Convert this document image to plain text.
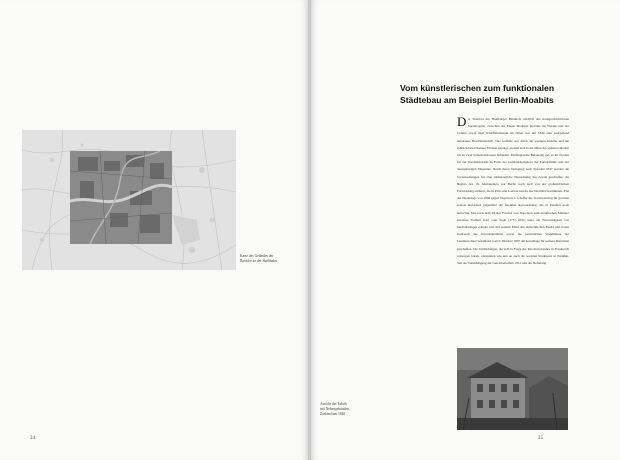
Karte des Geländes der Baracke an der Stadtbahn
24
Vom künstlerischen zum funktionalen Städtebau am Beispiel Berlin-Moabits
D er Standort des Hamburger Bahnhofs nördlich des stadtgeschichtlichen Spreebogens, zwischen der Ebene Moabiter Kolonie im Westen und der Charité sowie dem Schifffahrtskanal im Osten war um 1840 eine weitgehend unbebaute Brachlandschaft. Das Gelände war durch die wenigen Gehöfte und die spärlich bewachsenen Flächen geprägt, an dem sich in der Mitte des späteren Moabit bis zu zwei Schienenstrassen befanden. Umfangreiche Bebauung gab es im Norden bis zur Invalidenstraße in Form der Gebäudekomplexe der Pulvermühle und der dazugehörigen Magazine. Durch deren Verlegung nach Spandau 1847 wurden die Voraussetzungen für eine städtebauliche Neuordnung des Areals geschaffen. Zu Beginn des 19. Jahrhunderts war Berlin noch weit von der großstädtischen Entwicklung entfernt, die in Paris und London bereits das Stadtbild bestimmten. Erst die Niederlage von 1806 gegen Napoleon I. schaffte die Voraussetzung für gewisse soziale Reformen gegenüber der feudalen Agrarordnung, die in Preußen noch herrschte. Der nach dem Tilsiter Frieden von Napoleon zum preußischen Minister ernannte Freiherr Karl vom Stein (1757–1831) hatte die Notwendigkeit von Veränderungen erkannt und mit seinem Edikt den ehrsichtlichen Besitz und freien Gebrauch des Grundeigentums sowie die persönlichen Verhältnisse der Landbewohner betreffend vom 9. Oktober 1807 die Grundlage für weitere Reformen geschaffen. Die Umbildungen, die sich in Folge der Revolutionsjahre in Frankreich vollzogen haben, entstanden wie nun an auch die sozialen Strukturen in Preußen. Seit der Verkündigung der Gewerbefreiheit 1810 und der Befreiung
Ansicht der Fabrik mit Nebengebäuden, Zustand um 1840
25
